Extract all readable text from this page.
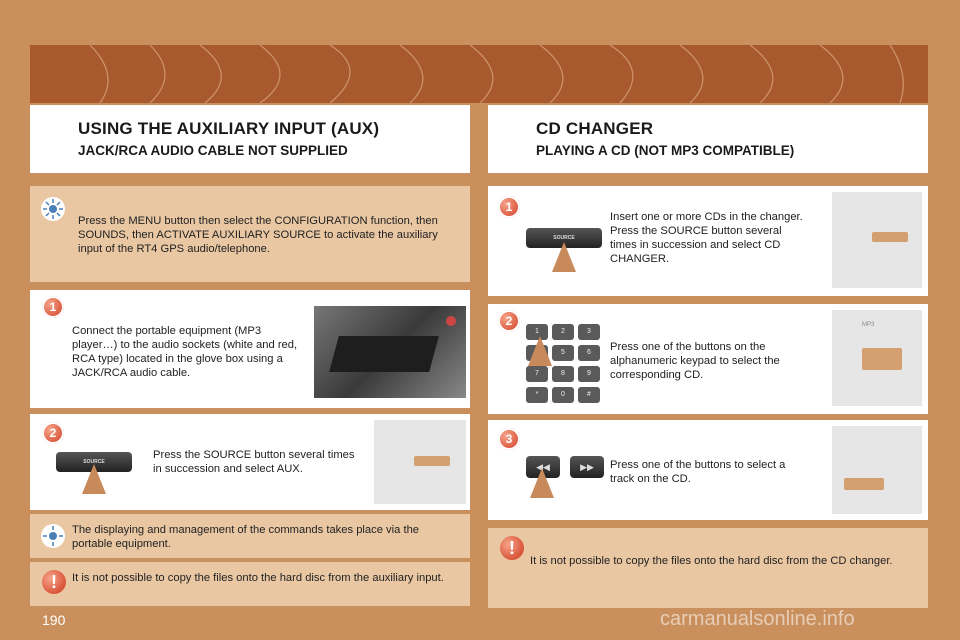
USING THE AUXILIARY INPUT (AUX)
JACK/RCA AUDIO CABLE NOT SUPPLIED
Press the MENU button then select the CONFIGURATION function, then SOUNDS, then ACTIVATE AUXILIARY SOURCE to activate the auxiliary input of the RT4 GPS audio/telephone.
1
Connect the portable equipment (MP3 player…) to the audio sockets (white and red, RCA type) located in the glove box using a JACK/RCA audio cable.
2
SOURCE
Press the SOURCE button several times in succession and select AUX.
The displaying and management of the commands takes place via the portable equipment.
!	It is not possible to copy the files onto the hard disc from the auxiliary input.
CD CHANGER
PLAYING A CD (NOT MP3 COMPATIBLE)
1
SOURCE
Insert one or more CDs in the changer.
Press the SOURCE button several times in succession and select CD CHANGER.
2
1	2	3
4	5	6
7	8	9
*	0	#
Press one of the buttons on the alphanumeric keypad to select the corresponding CD.
MP3
3
◀◀	▶▶	Press one of the buttons to select a track on the CD.
!
It is not possible to copy the files onto the hard disc from the CD changer.
190	carmanualsonline.info
